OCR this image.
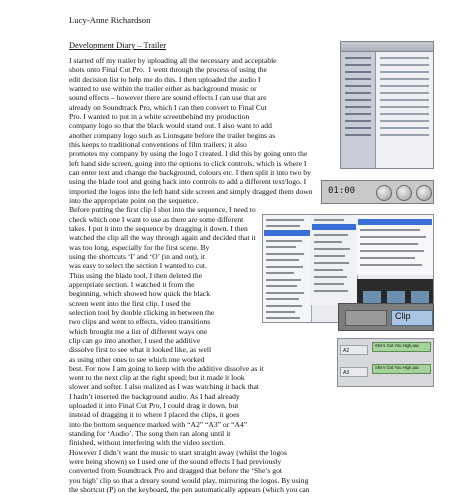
Lucy-Anne Richardson
Development Diary – Trailer
I started off my trailer by uploading all the necessary and acceptable
shots onto Final Cut Pro.  I went through the process of using the
edit decision list to help me do this. I then uploaded the audio I
wanted to use within the trailer either as background music or
sound effects – however there are sound effects I can use that are
already on Soundtrack Pro, which I can then convert to Final Cut
Pro. I wanted to put in a white screenbehind my production
company logo so that the black would stand out. I also want to add
another company logo such as Lionsgate before the trailer begins as
this keeps to traditional conventions of film trailers; it also
promotes my company by using the logo I created. I did this by going onto the
left hand side screen, going into the options to click controls, which is where I
can enter text and change the background, colours etc. I then split it into two by
using the blade tool and going back into controls to add a different text/logo. I
imported the logos into the left hand side screen and simply dragged them down
into the appropriate point on the sequence.
Before putting the first clip I shot into the sequence, I need to
check which one I want to use as there are some different
takes. I put it into the sequence by dragging it down. I then
watched the clip all the way through again and decided that it
was too long, especially for the first scene. By
using the shortcuts ‘I’ and ‘O’ (in and out), it
was easy to select the section I wanted to cut.
Thus using the blade tool, I then deleted the
appropriate section. I watched it from the
beginning, which showed how quick the black
screen went into the first clip. I used the
selection tool by double clicking in between the
two clips and went to effects, video transitions
which brought me a list of different ways one
clip can go into another, I used the additive
dissolve first to see what it looked like, as well
as using other ones to see which one worked
best. For now I am going to keep with the additive dissolve as it
went to the next clip at the right speed; but it made it look
slower and softer. I also realized as I was watching it back that
I hadn’t inserted the background audio. As I had already
uploaded it into Final Cut Pro, I could drag it down, but
instead of dragging it to where I placed the clips, it goes
into the bottom sequence marked with “A2” “A3” or “A4”
standing for ‘Audio’. The song then ran along until it
finished, without interfering with the video section.
However I didn’t want the music to start straight away (whilst the logos
were being shown) so I used one of the sound effects I had previously
converted from Soundtrack Pro and dragged that before the ‘She’s got
you high’ clip so that a dreary sound would play, mirroring the logos. By using
the shortcut (P) on the keyboard, the pen automatically appears (which you can
01:00
Clip
A2
A3
She's Got You High.aac
She's Got You High.aac
